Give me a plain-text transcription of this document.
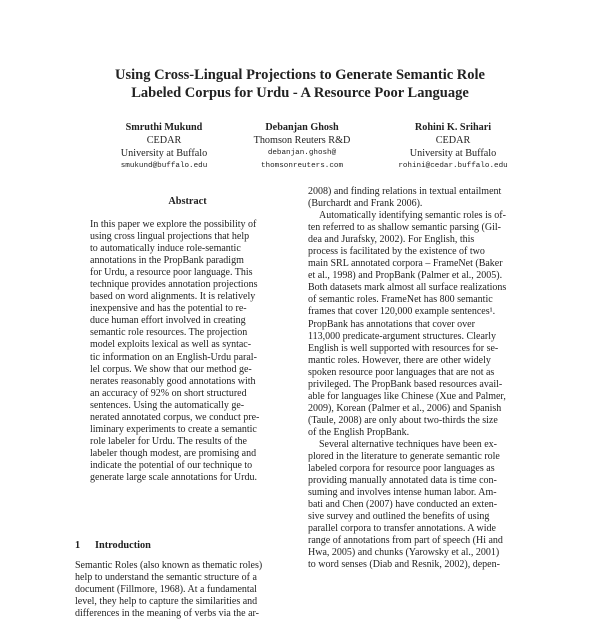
Using Cross-Lingual Projections to Generate Semantic Role
Labeled Corpus for Urdu - A Resource Poor Language
Smruthi Mukund
CEDAR
University at Buffalo
smukund@buffalo.edu
Debanjan Ghosh
Thomson Reuters R&D
debanjan.ghosh@
thomsonreuters.com
Rohini K. Srihari
CEDAR
University at Buffalo
rohini@cedar.buffalo.edu
Abstract
In this paper we explore the possibility of
using cross lingual projections that help
to automatically induce role-semantic
annotations in the PropBank paradigm
for Urdu, a resource poor language. This
technique provides annotation projections
based on word alignments. It is relatively
inexpensive and has the potential to re-
duce human effort involved in creating
semantic role resources. The projection
model exploits lexical as well as syntac-
tic information on an English-Urdu paral-
lel corpus. We show that our method ge-
nerates reasonably good annotations with
an accuracy of 92% on short structured
sentences. Using the automatically ge-
nerated annotated corpus, we conduct pre-
liminary experiments to create a semantic
role labeler for Urdu. The results of the
labeler though modest, are promising and
indicate the potential of our technique to
generate large scale annotations for Urdu.
1 Introduction
Semantic Roles (also known as thematic roles)
help to understand the semantic structure of a
document (Fillmore, 1968). At a fundamental
level, they help to capture the similarities and
differences in the meaning of verbs via the ar-
2008) and finding relations in textual entailment
(Burchardt and Frank 2006).
Automatically identifying semantic roles is of-
ten referred to as shallow semantic parsing (Gil-
dea and Jurafsky, 2002). For English, this
process is facilitated by the existence of two
main SRL annotated corpora – FrameNet (Baker
et al., 1998) and PropBank (Palmer et al., 2005).
Both datasets mark almost all surface realizations
of semantic roles. FrameNet has 800 semantic
frames that cover 120,000 example sentences¹.
PropBank has annotations that cover over
113,000 predicate-argument structures. Clearly
English is well supported with resources for se-
mantic roles. However, there are other widely
spoken resource poor languages that are not as
privileged. The PropBank based resources avail-
able for languages like Chinese (Xue and Palmer,
2009), Korean (Palmer et al., 2006) and Spanish
(Taule, 2008) are only about two-thirds the size
of the English PropBank.
Several alternative techniques have been ex-
plored in the literature to generate semantic role
labeled corpora for resource poor languages as
providing manually annotated data is time con-
suming and involves intense human labor. Am-
bati and Chen (2007) have conducted an exten-
sive survey and outlined the benefits of using
parallel corpora to transfer annotations. A wide
range of annotations from part of speech (Hi and
Hwa, 2005) and chunks (Yarowsky et al., 2001)
to word senses (Diab and Resnik, 2002), depen-
